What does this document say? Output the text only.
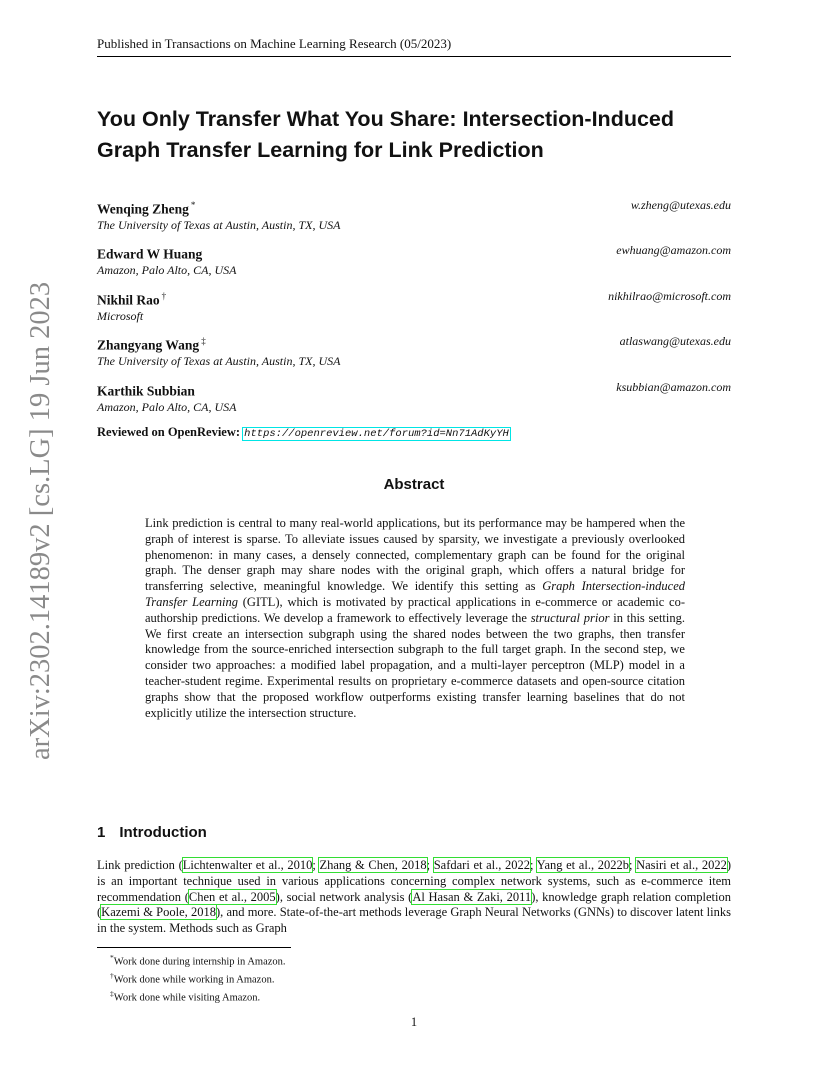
Published in Transactions on Machine Learning Research (05/2023)
You Only Transfer What You Share: Intersection-Induced
Graph Transfer Learning for Link Prediction
Wenqing Zheng *
The University of Texas at Austin, Austin, TX, USA
w.zheng@utexas.edu
Edward W Huang
Amazon, Palo Alto, CA, USA
ewhuang@amazon.com
Nikhil Rao †
Microsoft
nikhilrao@microsoft.com
Zhangyang Wang ‡
The University of Texas at Austin, Austin, TX, USA
atlaswang@utexas.edu
Karthik Subbian
Amazon, Palo Alto, CA, USA
ksubbian@amazon.com
Reviewed on OpenReview: https://openreview.net/forum?id=Nn71AdKyYH
arXiv:2302.14189v2 [cs.LG] 19 Jun 2023	Abstract

Link prediction is central to many real-world applications, but its performance may be hampered when the graph of interest is sparse. To alleviate issues caused by sparsity, we investigate a previously overlooked phenomenon: in many cases, a densely connected, complementary graph can be found for the original graph. The denser graph may share nodes with the original graph, which offers a natural bridge for transferring selective, meaningful knowledge. We identify this setting as Graph Intersection-induced Transfer Learning (GITL), which is motivated by practical applications in e-commerce or academic co-authorship predictions. We develop a framework to effectively leverage the structural prior in this setting. We first create an intersection subgraph using the shared nodes between the two graphs, then transfer knowledge from the source-enriched intersection subgraph to the full target graph. In the second step, we consider two approaches: a modified label propagation, and a multi-layer perceptron (MLP) model in a teacher-student regime. Experimental results on proprietary e-commerce datasets and open-source citation graphs show that the proposed workflow outperforms existing transfer learning baselines that do not explicitly utilize the intersection structure.

1 Introduction

Link prediction (Lichtenwalter et al., 2010; Zhang & Chen, 2018; Safdari et al., 2022; Yang et al., 2022b; Nasiri et al., 2022) is an important technique used in various applications concerning complex network systems, such as e-commerce item recommendation (Chen et al., 2005), social network analysis (Al Hasan & Zaki, 2011), knowledge graph relation completion (Kazemi & Poole, 2018), and more. State-of-the-art methods leverage Graph Neural Networks (GNNs) to discover latent links in the system. Methods such as Graph

*Work done during internship in Amazon.
†Work done while working in Amazon.
‡Work done while visiting Amazon.
1
